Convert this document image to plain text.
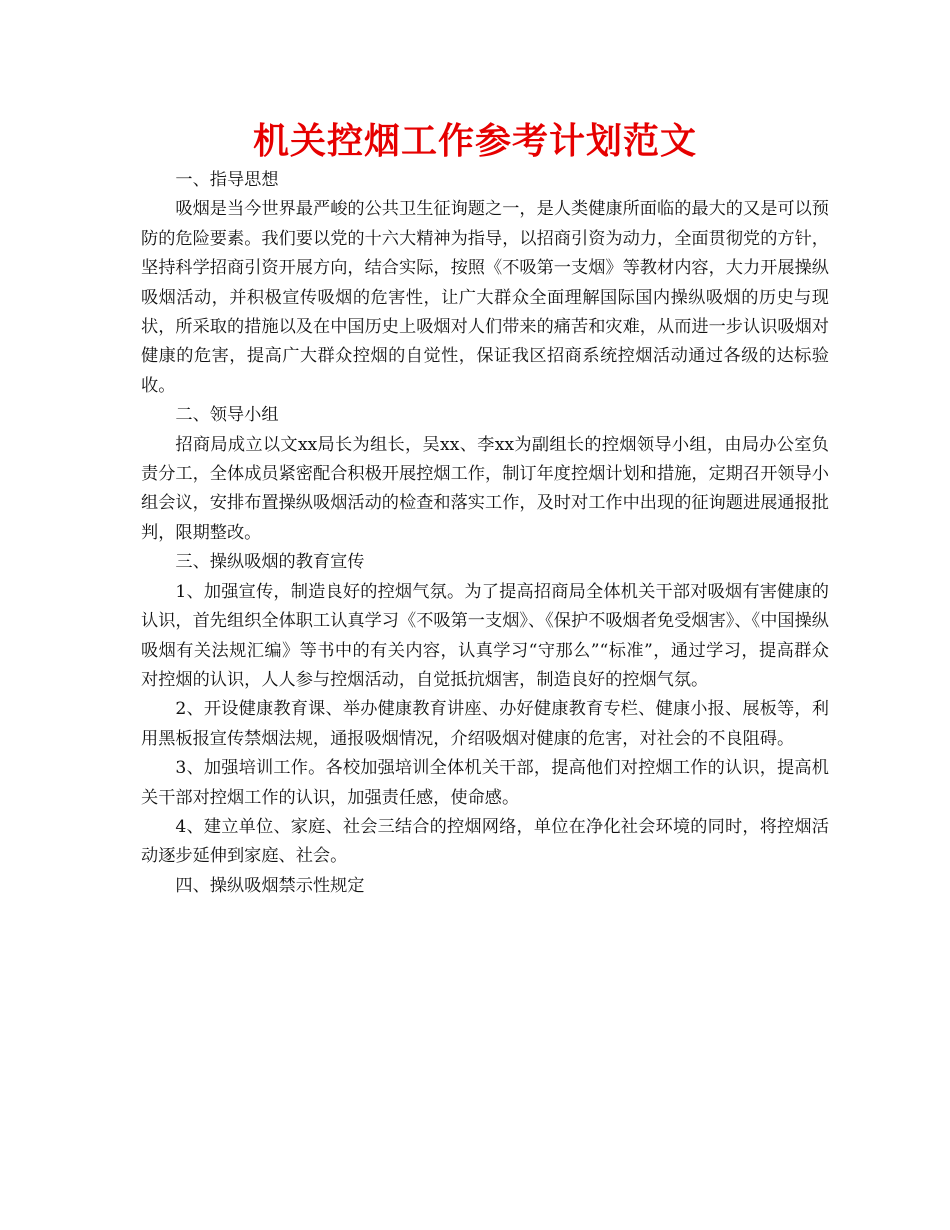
机关控烟工作参考计划范文

一、指导思想

吸烟是当今世界最严峻的公共卫生征询题之一，是人类健康所面临的最大的又是可以预防的危险要素。我们要以党的十六大精神为指导，以招商引资为动力，全面贯彻党的方针，坚持科学招商引资开展方向，结合实际，按照《不吸第一支烟》等教材内容，大力开展操纵吸烟活动，并积极宣传吸烟的危害性，让广大群众全面理解国际国内操纵吸烟的历史与现状，所采取的措施以及在中国历史上吸烟对人们带来的痛苦和灾难，从而进一步认识吸烟对健康的危害，提高广大群众控烟的自觉性，保证我区招商系统控烟活动通过各级的达标验收。

二、领导小组

招商局成立以文xx局长为组长，吴xx、李xx为副组长的控烟领导小组，由局办公室负责分工，全体成员紧密配合积极开展控烟工作，制订年度控烟计划和措施，定期召开领导小组会议，安排布置操纵吸烟活动的检查和落实工作，及时对工作中出现的征询题进展通报批判，限期整改。

三、操纵吸烟的教育宣传

1、加强宣传，制造良好的控烟气氛。为了提高招商局全体机关干部对吸烟有害健康的认识，首先组织全体职工认真学习《不吸第一支烟》、《保护不吸烟者免受烟害》、《中国操纵吸烟有关法规汇编》等书中的有关内容，认真学习“守那么”“标准”，通过学习，提高群众对控烟的认识，人人参与控烟活动，自觉抵抗烟害，制造良好的控烟气氛。

2、开设健康教育课、举办健康教育讲座、办好健康教育专栏、健康小报、展板等，利用黑板报宣传禁烟法规，通报吸烟情况，介绍吸烟对健康的危害，对社会的不良阻碍。

3、加强培训工作。各校加强培训全体机关干部，提高他们对控烟工作的认识，提高机关干部对控烟工作的认识，加强责任感，使命感。

4、建立单位、家庭、社会三结合的控烟网络，单位在净化社会环境的同时，将控烟活动逐步延伸到家庭、社会。

四、操纵吸烟禁示性规定
